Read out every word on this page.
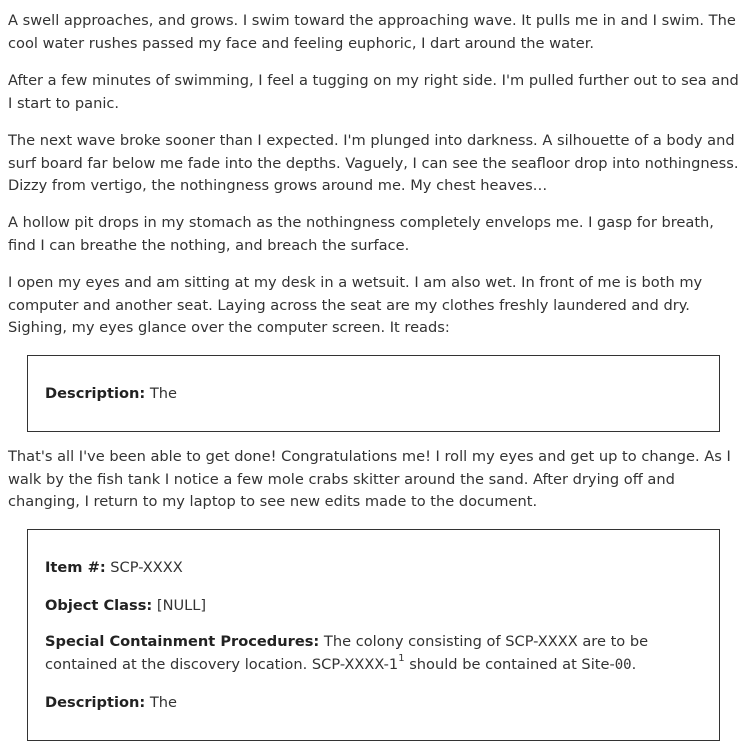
A swell approaches, and grows. I swim toward the approaching wave. It pulls me in and I swim. The cool water rushes passed my face and feeling euphoric, I dart around the water.

After a few minutes of swimming, I feel a tugging on my right side. I'm pulled further out to sea and I start to panic.

The next wave broke sooner than I expected. I'm plunged into darkness. A silhouette of a body and surf board far below me fade into the depths. Vaguely, I can see the seafloor drop into nothingness. Dizzy from vertigo, the nothingness grows around me. My chest heaves…

A hollow pit drops in my stomach as the nothingness completely envelops me. I gasp for breath, find I can breathe the nothing, and breach the surface.

I open my eyes and am sitting at my desk in a wetsuit. I am also wet. In front of me is both my computer and another seat. Laying across the seat are my clothes freshly laundered and dry. Sighing, my eyes glance over the computer screen. It reads:

Description: The

That's all I've been able to get done! Congratulations me! I roll my eyes and get up to change. As I walk by the fish tank I notice a few mole crabs skitter around the sand. After drying off and changing, I return to my laptop to see new edits made to the document.

Item #: SCP-XXXX

Object Class: [NULL]

Special Containment Procedures: The colony consisting of SCP-XXXX are to be contained at the discovery location. SCP-$XXXX-1^1$ should be contained at Site-00.

Description: The
